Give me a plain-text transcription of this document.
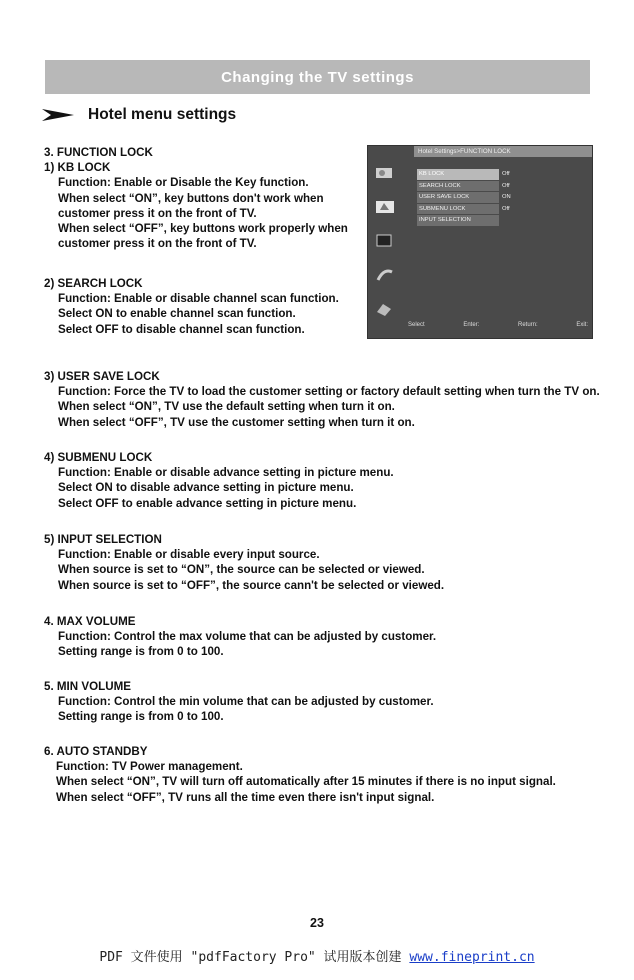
Changing the TV settings
Hotel menu settings
3. FUNCTION LOCK
1) KB LOCK
Function: Enable or Disable the Key function.
When select “ON”, key buttons don't work when
customer press it on the front of TV.
When select “OFF”, key buttons work properly when
customer press it on the front of TV.
2) SEARCH LOCK
Function: Enable or disable channel scan function.
Select ON to enable channel scan function.
Select OFF to disable channel scan function.
Hotel Settings>FUNCTION LOCK

KB LOCK	Off
SEARCH LOCK	Off
USER SAVE LOCK	ON
SUBMENU LOCK	Off
INPUT SELECTION
Select	Enter:	Return:	Exit:
3) USER SAVE LOCK
Function: Force the TV to load the customer setting or factory default setting when turn the TV on.
When select “ON”, TV use the default setting when turn it on.
When select “OFF”, TV use the customer setting when turn it on.
4) SUBMENU LOCK
Function: Enable or disable advance setting in picture menu.
Select ON to disable advance setting in picture menu.
Select OFF to enable advance setting in picture menu.
5) INPUT SELECTION
Function: Enable or disable every input source.
When source is set to “ON”, the source can be selected or viewed.
When source is set to “OFF”, the source cann't be selected or viewed.
4. MAX VOLUME
Function: Control the max volume that can be adjusted by customer.
Setting range is from 0 to 100.
5. MIN VOLUME
Function: Control the min volume that can be adjusted by customer.
Setting range is from 0 to 100.
6. AUTO STANDBY
Function: TV Power management.
When select “ON”, TV will turn off automatically after 15 minutes if there is no input signal.
When select “OFF”, TV runs all the time even there isn't input signal.
23
PDF 文件使用 "pdfFactory Pro" 试用版本创建 www.fineprint.cn
